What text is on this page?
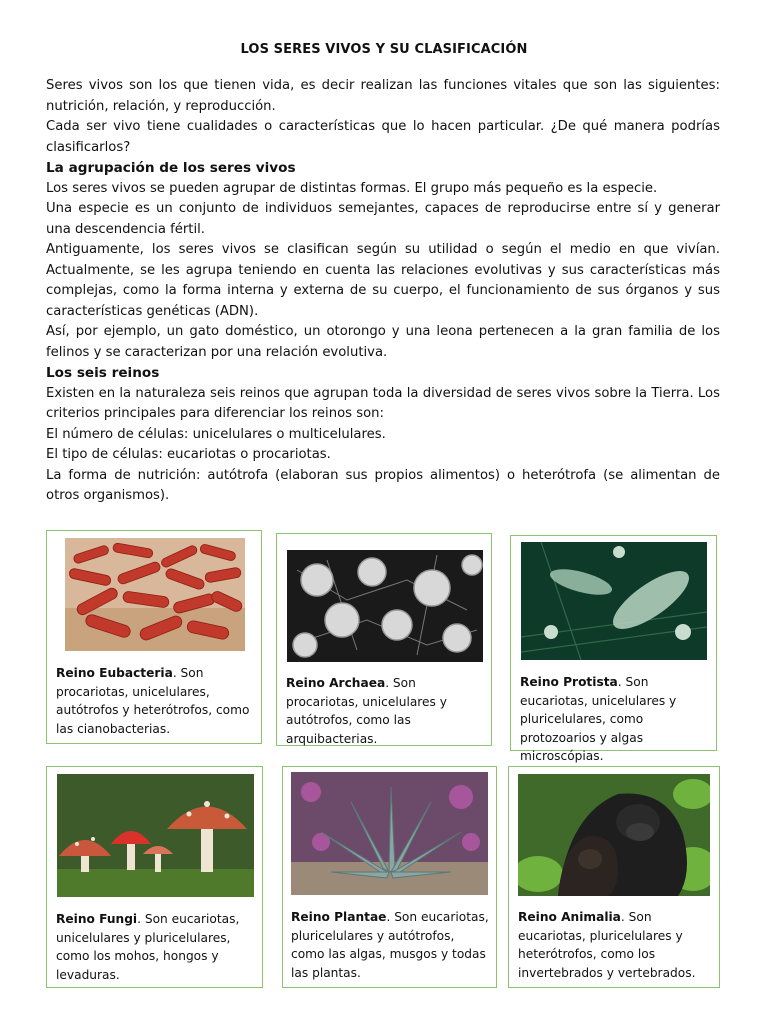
LOS SERES VIVOS Y SU CLASIFICACIÓN

Seres vivos son los que tienen vida, es decir realizan las funciones vitales que son las siguientes: nutrición, relación, y reproducción.

Cada ser vivo tiene cualidades o características que lo hacen particular. ¿De qué manera podrías clasificarlos?

La agrupación de los seres vivos

Los seres vivos se pueden agrupar de distintas formas. El grupo más pequeño es la especie.

Una especie es un conjunto de individuos semejantes, capaces de reproducirse entre sí y generar una descendencia fértil.

Antiguamente, los seres vivos se clasifican según su utilidad o según el medio en que vivían. Actualmente, se les agrupa teniendo en cuenta las relaciones evolutivas y sus características más complejas, como la forma interna y externa de su cuerpo, el funcionamiento de sus órganos y sus características genéticas (ADN).

Así, por ejemplo, un gato doméstico, un otorongo y una leona pertenecen a la gran familia de los felinos y se caracterizan por una relación evolutiva.

Los seis reinos

Existen en la naturaleza seis reinos que agrupan toda la diversidad de seres vivos sobre la Tierra. Los criterios principales para diferenciar los reinos son:

El número de células: unicelulares o multicelulares.

El tipo de células: eucariotas o procariotas.

La forma de nutrición: autótrofa (elaboran sus propios alimentos) o heterótrofa (se alimentan de otros organismos).

Reino Eubacteria. Son procariotas, unicelulares, autótrofos y heterótrofos, como las cianobacterias.
Reino Archaea. Son procariotas, unicelulares y autótrofos, como las arquibacterias.
Reino Protista. Son eucariotas, unicelulares y pluricelulares, como protozoarios y algas microscópias.
Reino Fungi. Son eucariotas, unicelulares y pluricelulares, como los mohos, hongos y levaduras.
Reino Plantae. Son eucariotas, pluricelulares y autótrofos, como las algas, musgos y todas las plantas.
Reino Animalia. Son eucariotas, pluricelulares y heterótrofos, como los invertebrados y vertebrados.
